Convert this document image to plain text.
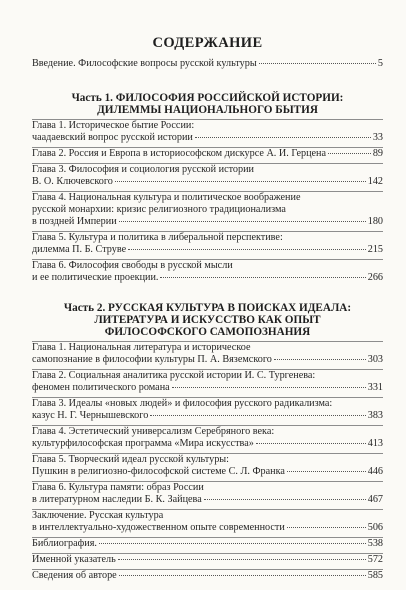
СОДЕРЖАНИЕ
Введение. Философские вопросы русской культуры	5

Часть 1. ФИЛОСОФИЯ РОССИЙСКОЙ ИСТОРИИ:

ДИЛЕММЫ НАЦИОНАЛЬНОГО БЫТИЯ

Глава 1. Историческое бытие России:
чаадаевский вопрос русской истории	33
Глава 2. Россия и Европа в историософском дискурсе А. И. Герцена	89
Глава 3. Философия и социология русской истории
В. О. Ключевского	142
Глава 4. Национальная культура и политическое воображение
русской монархии: кризис религиозного традиционализма
в поздней Империи	180
Глава 5. Культура и политика в либеральной перспективе:
дилемма П. Б. Струве	215
Глава 6. Философия свободы в русской мысли
и ее политические проекции.	266

Часть 2. РУССКАЯ КУЛЬТУРА В ПОИСКАХ ИДЕАЛА:

ЛИТЕРАТУРА И ИСКУССТВО КАК ОПЫТ

ФИЛОСОФСКОГО САМОПОЗНАНИЯ

Глава 1. Национальная литература и историческое
самопознание в философии культуры П. А. Вяземского	303
Глава 2. Социальная аналитика русской истории И. С. Тургенева:
феномен политического романа	331
Глава 3. Идеалы «новых людей» и философия русского радикализма:
казус Н. Г. Чернышевского	383
Глава 4. Эстетический универсализм Серебряного века:
культурфилософская программа «Мира искусства»	413
Глава 5. Творческий идеал русской культуры:
Пушкин в религиозно-философской системе С. Л. Франка	446
Глава 6. Культура памяти: образ России
в литературном наследии Б. К. Зайцева	467
Заключение. Русская культура
в интеллектуально-художественном опыте современности	506
Библиография.	538
Именной указатель	572
Сведения об авторе	585
